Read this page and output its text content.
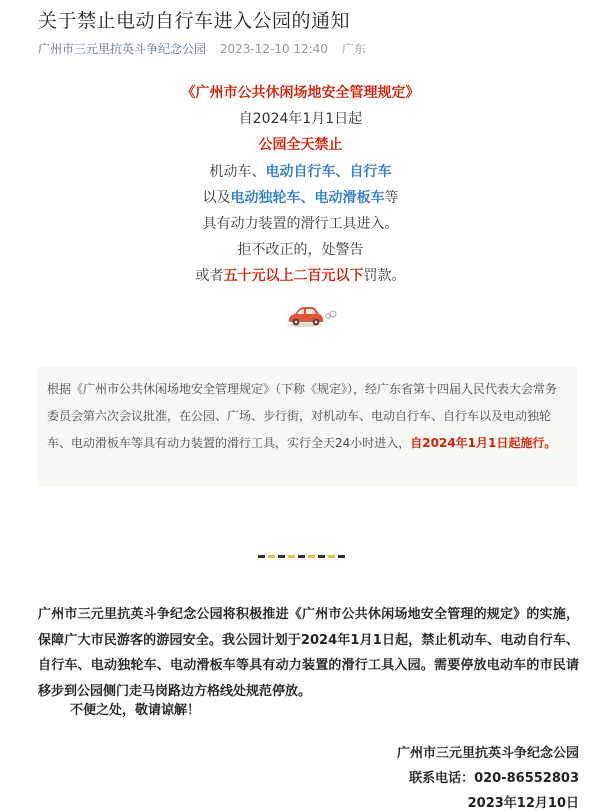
关于禁止电动自行车进入公园的通知
广州市三元里抗英斗争纪念公园 2023-12-10 12:40 广东
《广州市公共休闲场地安全管理规定》
自2024年1月1日起
公园全天禁止
机动车、电动自行车、自行车
以及电动独轮车、电动滑板车等
具有动力装置的滑行工具进入。
拒不改正的，处警告
或者五十元以上二百元以下罚款。
根据《广州市公共休闲场地安全管理规定》（下称《规定》），经广东省第十四届人民代表大会常务委员会第六次会议批准，在公园、广场、步行街，对机动车、电动自行车、自行车以及电动独轮车、电动滑板车等具有动力装置的滑行工具，实行全天24小时进入，自2024年1月1日起施行。
广州市三元里抗英斗争纪念公园将积极推进《广州市公共休闲场地安全管理的规定》的实施，保障广大市民游客的游园安全。我公园计划于2024年1月1日起，禁止机动车、电动自行车、自行车、电动独轮车、电动滑板车等具有动力装置的滑行工具入园。需要停放电动车的市民请移步到公园侧门走马岗路边方格线处规范停放。
不便之处，敬请谅解！
广州市三元里抗英斗争纪念公园
联系电话：020-86552803
2023年12月10日
